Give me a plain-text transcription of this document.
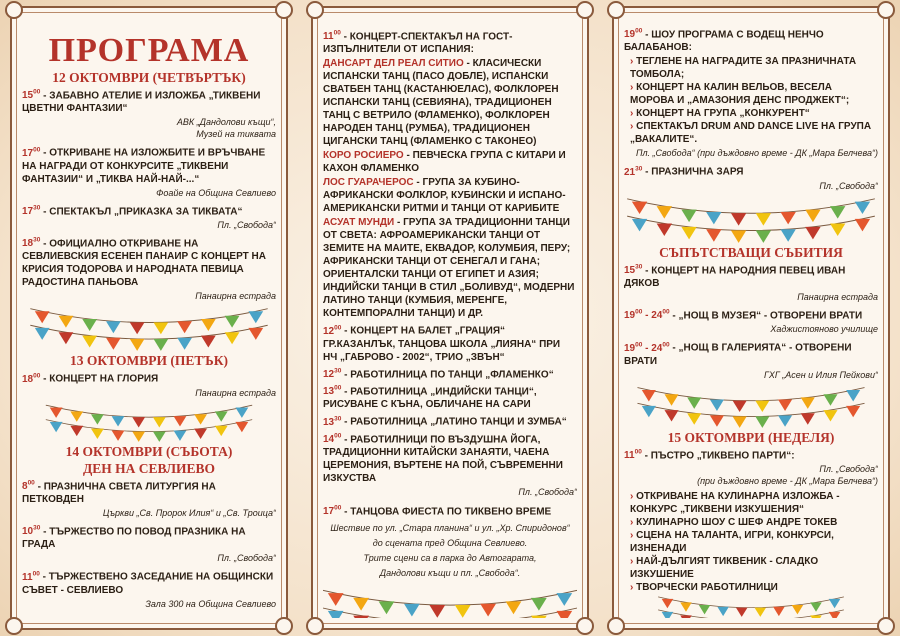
ПРОГРАМА
12 ОКТОМВРИ (ЧЕТВЪРТЪК)
$15^{00}$ - ЗАБАВНО АТЕЛИЕ И ИЗЛОЖБА „ТИКВЕНИ ЦВЕТНИ ФАНТАЗИИ“
АВК „Дандолови къщи“,
Музей на тиквата
$17^{00}$ - ОТКРИВАНЕ НА ИЗЛОЖБИТЕ И ВРЪЧВАНЕ НА НАГРАДИ ОТ КОНКУРСИТЕ „ТИКВЕНИ ФАНТАЗИИ“ И „ТИКВА НАЙ-НАЙ-...“
Фоайе на Община Севлиево
$17^{30}$ - СПЕКТАКЪЛ „ПРИКАЗКА ЗА ТИКВАТА“
Пл. „Свобода“
$18^{30}$ - ОФИЦИАЛНО ОТКРИВАНЕ НА СЕВЛИЕВСКИЯ ЕСЕНЕН ПАНАИР С КОНЦЕРТ НА КРИСИЯ ТОДОРОВА И НАРОДНАТА ПЕВИЦА РАДОСТИНА ПАНЬОВА
Панаирна естрада
13 ОКТОМВРИ (ПЕТЪК)
$18^{00}$ - КОНЦЕРТ НА ГЛОРИЯ
Панаирна естрада
14 ОКТОМВРИ (СЪБОТА)
ДЕН НА СЕВЛИЕВО
$8^{00}$ - ПРАЗНИЧНА СВЕТА ЛИТУРГИЯ НА ПЕТКОВДЕН
Църкви „Св. Пророк Илия“ и „Св. Троица“
$10^{30}$ - ТЪРЖЕСТВО ПО ПОВОД ПРАЗНИКА НА ГРАДА
Пл. „Свобода“
$11^{00}$ - ТЪРЖЕСТВЕНО ЗАСЕДАНИЕ НА ОБЩИНСКИ СЪВЕТ - СЕВЛИЕВО
Зала 300 на Община Севлиево
$11^{00}$ - КОНЦЕРТ-СПЕКТАКЪЛ НА ГОСТ-ИЗПЪЛНИТЕЛИ ОТ ИСПАНИЯ:
ДАНСАРТ ДЕЛ РЕАЛ СИТИО - КЛАСИЧЕСКИ ИСПАНСКИ ТАНЦ (ПАСО ДОБЛЕ), ИСПАНСКИ СВАТБЕН ТАНЦ (КАСТАНЮЕЛАС), ФОЛКЛОРЕН ИСПАНСКИ ТАНЦ (СЕВИЯНА), ТРАДИЦИОНЕН ТАНЦ С ВЕТРИЛО (ФЛАМЕНКО), ФОЛКЛОРЕН НАРОДЕН ТАНЦ (РУМБА), ТРАДИЦИОНЕН ЦИГАНСКИ ТАНЦ (ФЛАМЕНКО С ТАКОНЕО)
КОРО РОСИЕРО - ПЕВЧЕСКА ГРУПА С КИТАРИ И КАХОН ФЛАМЕНКО
ЛОС ГУАРАЧЕРОС - ГРУПА ЗА КУБИНО-АФРИКАНСКИ ФОЛКЛОР, КУБИНСКИ И ИСПАНО-АМЕРИКАНСКИ РИТМИ И ТАНЦИ ОТ КАРИБИТЕ
АСУАТ МУНДИ - ГРУПА ЗА ТРАДИЦИОННИ ТАНЦИ ОТ СВЕТА: АФРОАМЕРИКАНСКИ ТАНЦИ ОТ ЗЕМИТЕ НА МАИТЕ, ЕКВАДОР, КОЛУМБИЯ, ПЕРУ; АФРИКАНСКИ ТАНЦИ ОТ СЕНЕГАЛ И ГАНА; ОРИЕНТАЛСКИ ТАНЦИ ОТ ЕГИПЕТ И АЗИЯ; ИНДИЙСКИ ТАНЦИ В СТИЛ „БОЛИВУД“, МОДЕРНИ ЛАТИНО ТАНЦИ (КУМБИЯ, МЕРЕНГЕ, КОНТЕМПОРАЛНИ ТАНЦИ) И ДР.
$12^{00}$ - КОНЦЕРТ НА БАЛЕТ „ГРАЦИЯ“ ГР.КАЗАНЛЪК, ТАНЦОВА ШКОЛА „ЛИЯНА“ ПРИ НЧ „ГАБРОВО - 2002“, ТРИО „ЗВЪН“
$12^{30}$ - РАБОТИЛНИЦА ПО ТАНЦИ „ФЛАМЕНКО“
$13^{00}$ - РАБОТИЛНИЦА „ИНДИЙСКИ ТАНЦИ“, РИСУВАНЕ С КЪНА, ОБЛИЧАНЕ НА САРИ
$13^{30}$ - РАБОТИЛНИЦА „ЛАТИНО ТАНЦИ И ЗУМБА“
$14^{00}$ - РАБОТИЛНИЦИ ПО ВЪЗДУШНА ЙОГА, ТРАДИЦИОННИ КИТАЙСКИ ЗАНАЯТИ, ЧАЕНА ЦЕРЕМОНИЯ, ВЪРТЕНЕ НА ПОЙ, СЪВРЕМЕННИ ИЗКУСТВА
Пл. „Свобода“
$17^{00}$ - ТАНЦОВА ФИЕСТА ПО ТИКВЕНО ВРЕМЕ
Шествие по ул. „Стара планина“ и ул. „Хр. Спиридонов“
до сцената пред Община Севлиево.
Трите сцени са в парка до Автогарата,
Дандолови къщи и пл. „Свобода“.
$19^{00}$ - ШОУ ПРОГРАМА С ВОДЕЩ НЕНЧО БАЛАБАНОВ:
› ТЕГЛЕНЕ НА НАГРАДИТЕ ЗА ПРАЗНИЧНАТА ТОМБОЛА;
› КОНЦЕРТ НА КАЛИН ВЕЛЬОВ, ВЕСЕЛА МОРОВА И „АМАЗОНИЯ ДЕНС ПРОДЖЕКТ“;
› КОНЦЕРТ НА ГРУПА „КОНКУРЕНТ“
› СПЕКТАКЪЛ DRUM AND DANCE LIVE НА ГРУПА „ВАКАЛИТЕ“.
Пл. „Свобода“ (при дъждовно време - ДК „Мара Белчева“)
$21^{30}$ - ПРАЗНИЧНА ЗАРЯ
Пл. „Свобода“
СЪПЪТСТВАЩИ СЪБИТИЯ
$15^{30}$ - КОНЦЕРТ НА НАРОДНИЯ ПЕВЕЦ ИВАН ДЯКОВ
Панаирна естрада
$19^{00} - 24^{00}$ - „НОЩ В МУЗЕЯ“ - ОТВОРЕНИ ВРАТИ
Хаджистояново училище
$19^{00} - 24^{00}$ - „НОЩ В ГАЛЕРИЯТА“ - ОТВОРЕНИ ВРАТИ
ГХГ „Асен и Илия Пейкови“
15 ОКТОМВРИ (НЕДЕЛЯ)
$11^{00}$ - ПЪСТРО „ТИКВЕНО ПАРТИ“:
Пл. „Свобода“
(при дъждовно време - ДК „Мара Белчева“)
› ОТКРИВАНЕ НА КУЛИНАРНА ИЗЛОЖБА - КОНКУРС „ТИКВЕНИ ИЗКУШЕНИЯ“
› КУЛИНАРНО ШОУ С ШЕФ АНДРЕ ТОКЕВ
› СЦЕНА НА ТАЛАНТА, ИГРИ, КОНКУРСИ, ИЗНЕНАДИ
› НАЙ-ДЪЛГИЯТ ТИКВЕНИК - СЛАДКО ИЗКУШЕНИЕ
› ТВОРЧЕСКИ РАБОТИЛНИЦИ
